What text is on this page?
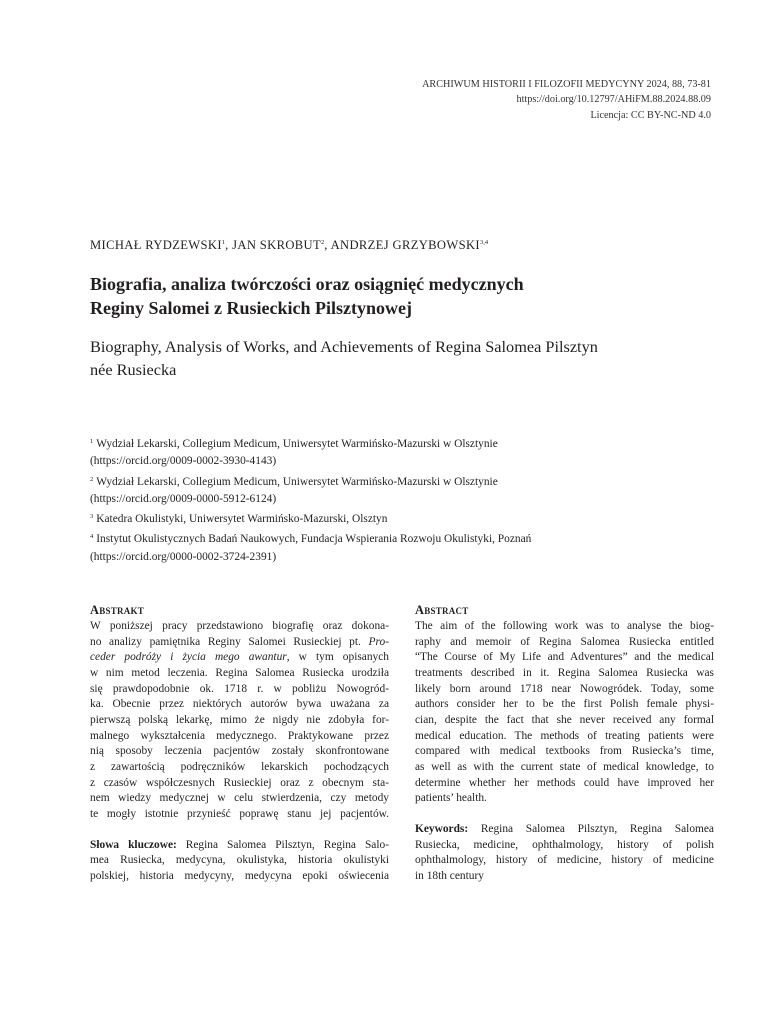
ARCHIWUM HISTORII I FILOZOFII MEDYCYNY 2024, 88, 73-81
https://doi.org/10.12797/AHiFM.88.2024.88.09
Licencja: CC BY-NC-ND 4.0
MICHAŁ RYDZEWSKI$^1$, JAN SKROBUT$^2$, ANDRZEJ GRZYBOWSKI$^{3,4}$
Biografia, analiza twórczości oraz osiągnięć medycznych
Reginy Salomei z Rusieckich Pilsztynowej
Biography, Analysis of Works, and Achievements of Regina Salomea Pilsztyn
née Rusiecka
$^1$ Wydział Lekarski, Collegium Medicum, Uniwersytet Warmińsko-Mazurski w Olsztynie
(https://orcid.org/0009-0002-3930-4143)
$^2$ Wydział Lekarski, Collegium Medicum, Uniwersytet Warmińsko-Mazurski w Olsztynie
(https://orcid.org/0009-0000-5912-6124)
$^3$ Katedra Okulistyki, Uniwersytet Warmińsko-Mazurski, Olsztyn
$^4$ Instytut Okulistycznych Badań Naukowych, Fundacja Wspierania Rozwoju Okulistyki, Poznań
(https://orcid.org/0000-0002-3724-2391)
Abstrakt
W poniższej pracy przedstawiono biografię oraz dokona-
no analizy pamiętnika Reginy Salomei Rusieckiej pt. Pro-
ceder podróży i życia mego awantur, w tym opisanych
w nim metod leczenia. Regina Salomea Rusiecka urodziła
się prawdopodobnie ok. 1718 r. w pobliżu Nowogród-
ka. Obecnie przez niektórych autorów bywa uważana za
pierwszą polską lekarkę, mimo że nigdy nie zdobyła for-
malnego wykształcenia medycznego. Praktykowane przez
nią sposoby leczenia pacjentów zostały skonfrontowane
z zawartością podręczników lekarskich pochodzących
z czasów współczesnych Rusieckiej oraz z obecnym sta-
nem wiedzy medycznej w celu stwierdzenia, czy metody
te mogły istotnie przynieść poprawę stanu jej pacjentów.
Słowa kluczowe: Regina Salomea Pilsztyn, Regina Salo-
mea Rusiecka, medycyna, okulistyka, historia okulistyki
polskiej, historia medycyny, medycyna epoki oświecenia
Abstract
The aim of the following work was to analyse the biog-
raphy and memoir of Regina Salomea Rusiecka entitled
“The Course of My Life and Adventures” and the medical
treatments described in it. Regina Salomea Rusiecka was
likely born around 1718 near Nowogródek. Today, some
authors consider her to be the first Polish female physi-
cian, despite the fact that she never received any formal
medical education. The methods of treating patients were
compared with medical textbooks from Rusiecka’s time,
as well as with the current state of medical knowledge, to
determine whether her methods could have improved her
patients’ health.
Keywords: Regina Salomea Pilsztyn, Regina Salomea
Rusiecka, medicine, ophthalmology, history of polish
ophthalmology, history of medicine, history of medicine
in 18th century
